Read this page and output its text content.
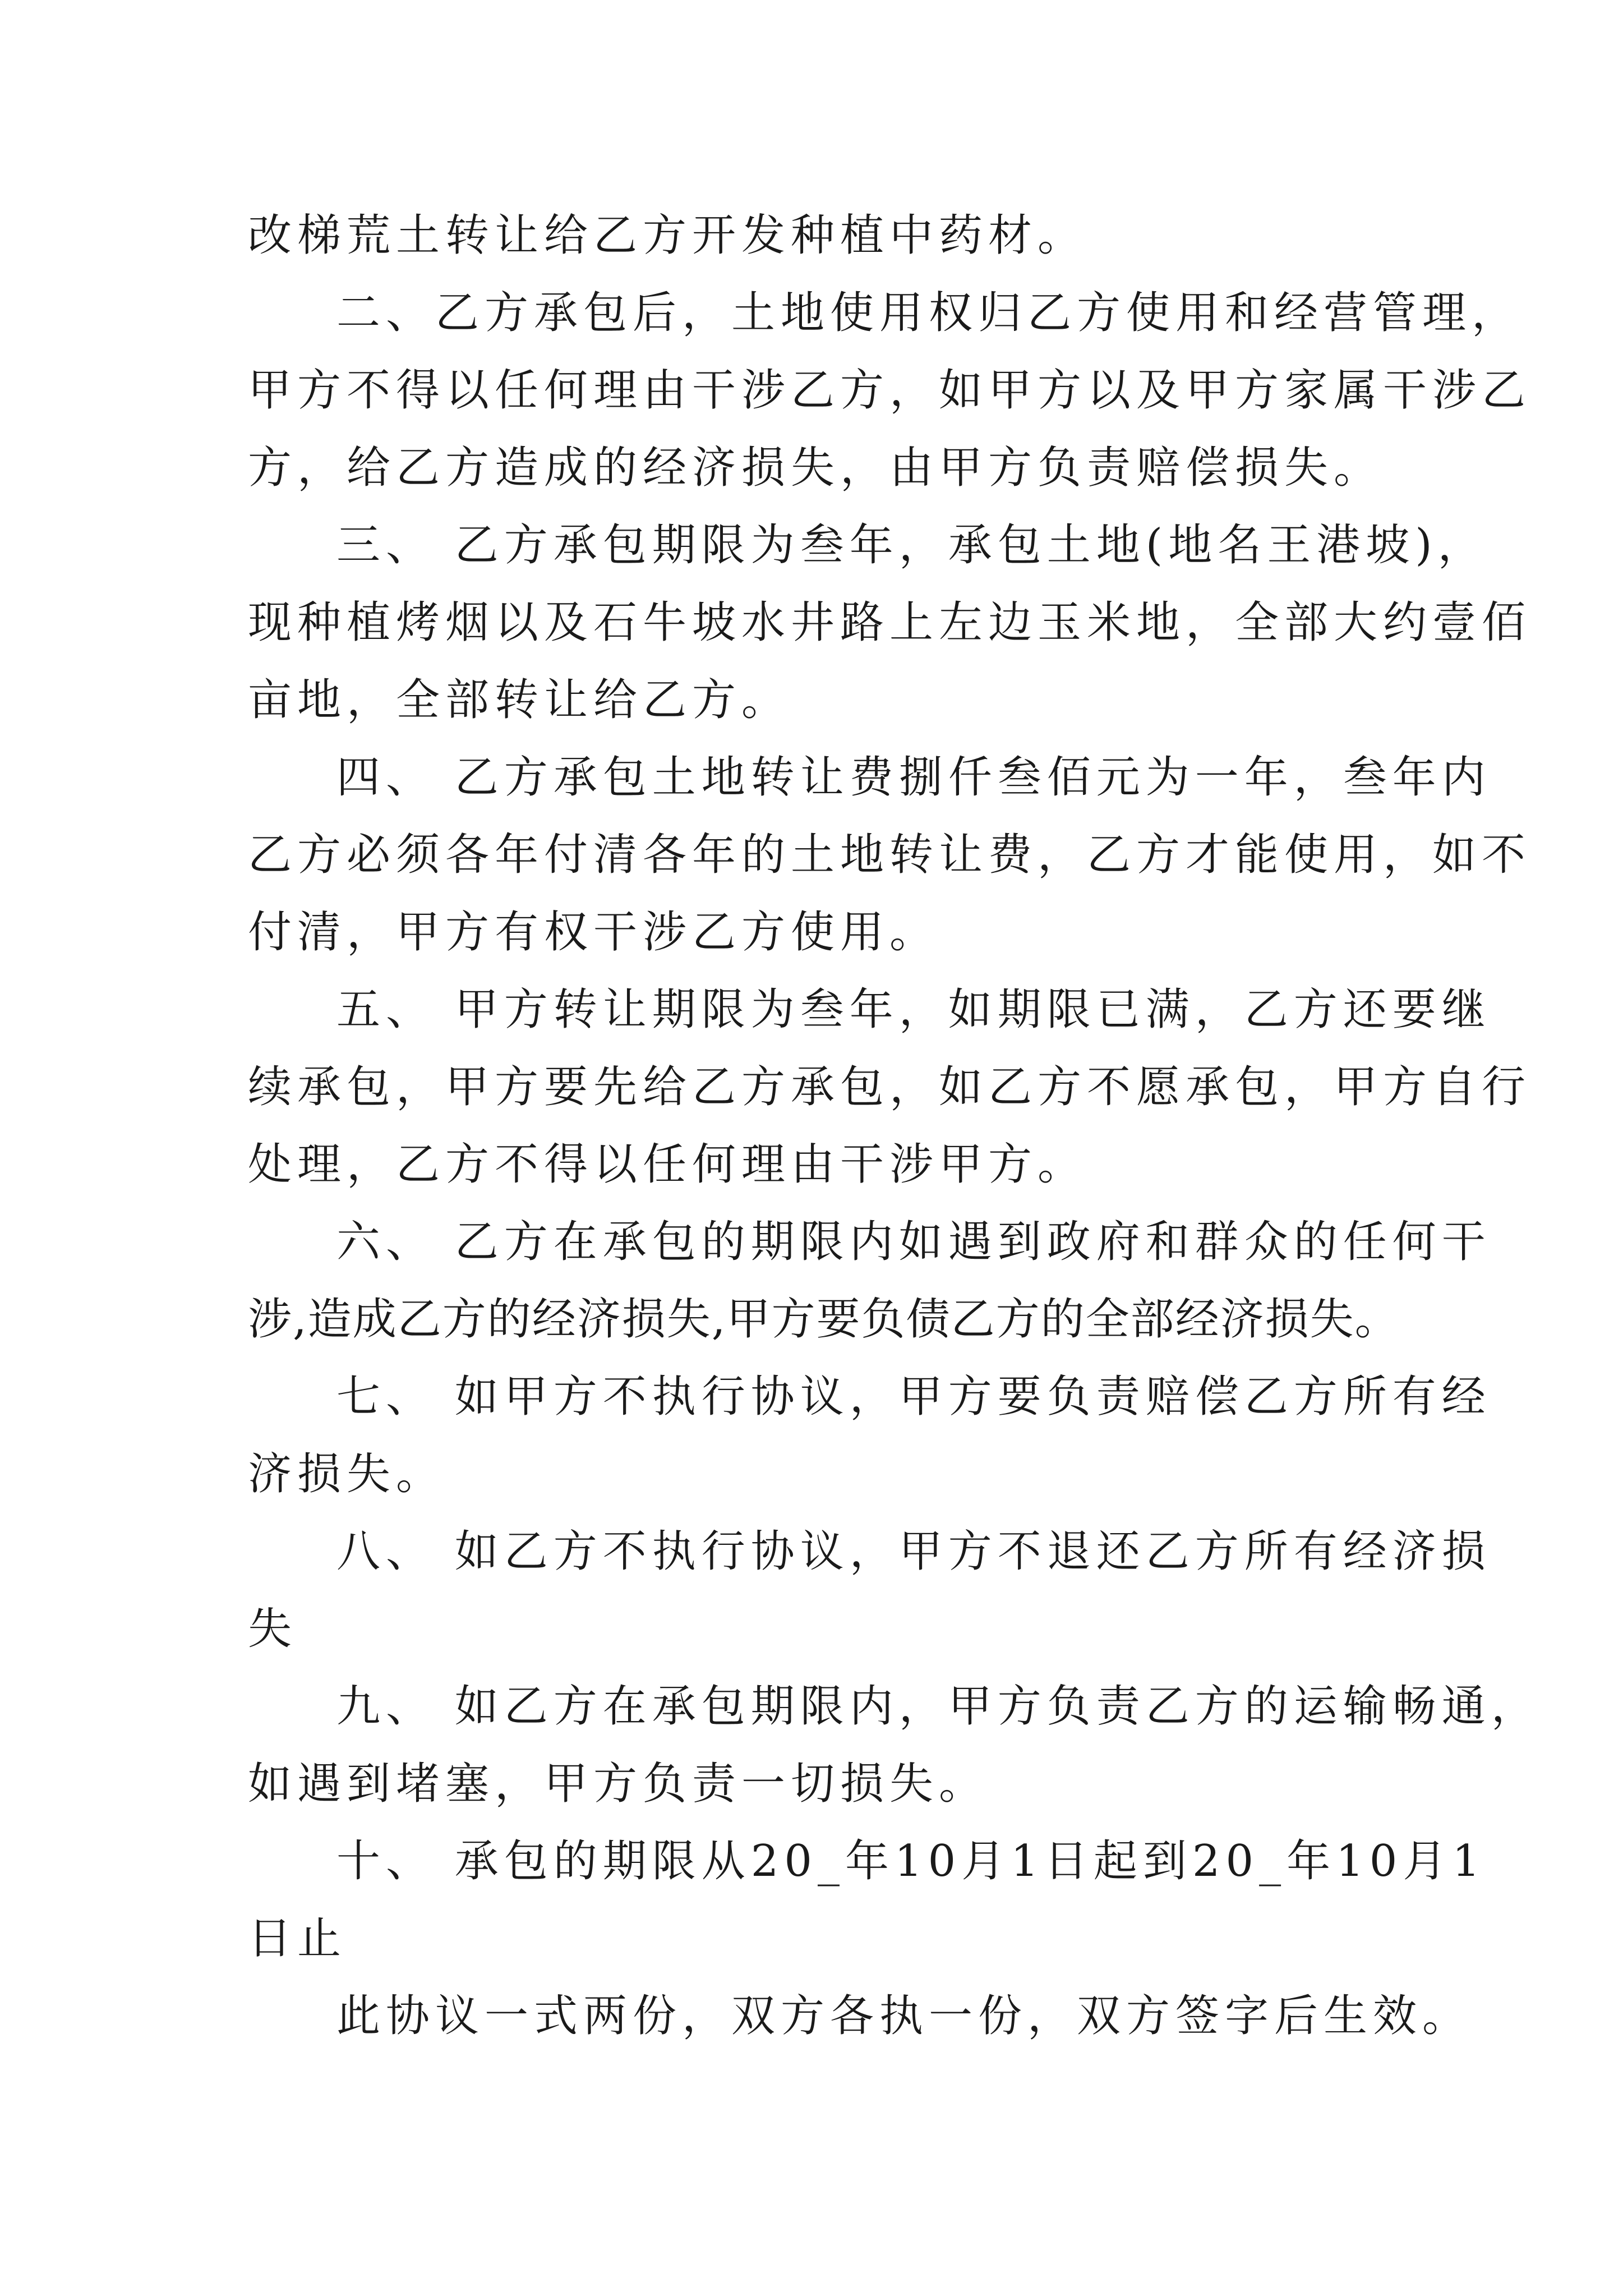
改梯荒土转让给乙方开发种植中药材。
二、乙方承包后，土地使用权归乙方使用和经营管理，
甲方不得以任何理由干涉乙方，如甲方以及甲方家属干涉乙
方，给乙方造成的经济损失，由甲方负责赔偿损失。
三、 乙方承包期限为叁年，承包土地(地名王港坡)，
现种植烤烟以及石牛坡水井路上左边玉米地，全部大约壹佰
亩地，全部转让给乙方。
四、 乙方承包土地转让费捌仟叁佰元为一年，叁年内
乙方必须各年付清各年的土地转让费，乙方才能使用，如不
付清，甲方有权干涉乙方使用。
五、 甲方转让期限为叁年，如期限已满，乙方还要继
续承包，甲方要先给乙方承包，如乙方不愿承包，甲方自行
处理，乙方不得以任何理由干涉甲方。
六、 乙方在承包的期限内如遇到政府和群众的任何干
涉,造成乙方的经济损失,甲方要负债乙方的全部经济损失。
七、 如甲方不执行协议，甲方要负责赔偿乙方所有经
济损失。
八、 如乙方不执行协议，甲方不退还乙方所有经济损
失
九、 如乙方在承包期限内，甲方负责乙方的运输畅通，
如遇到堵塞，甲方负责一切损失。
十、 承包的期限从20_年10月1日起到20_年10月1
日止
此协议一式两份，双方各执一份，双方签字后生效。
